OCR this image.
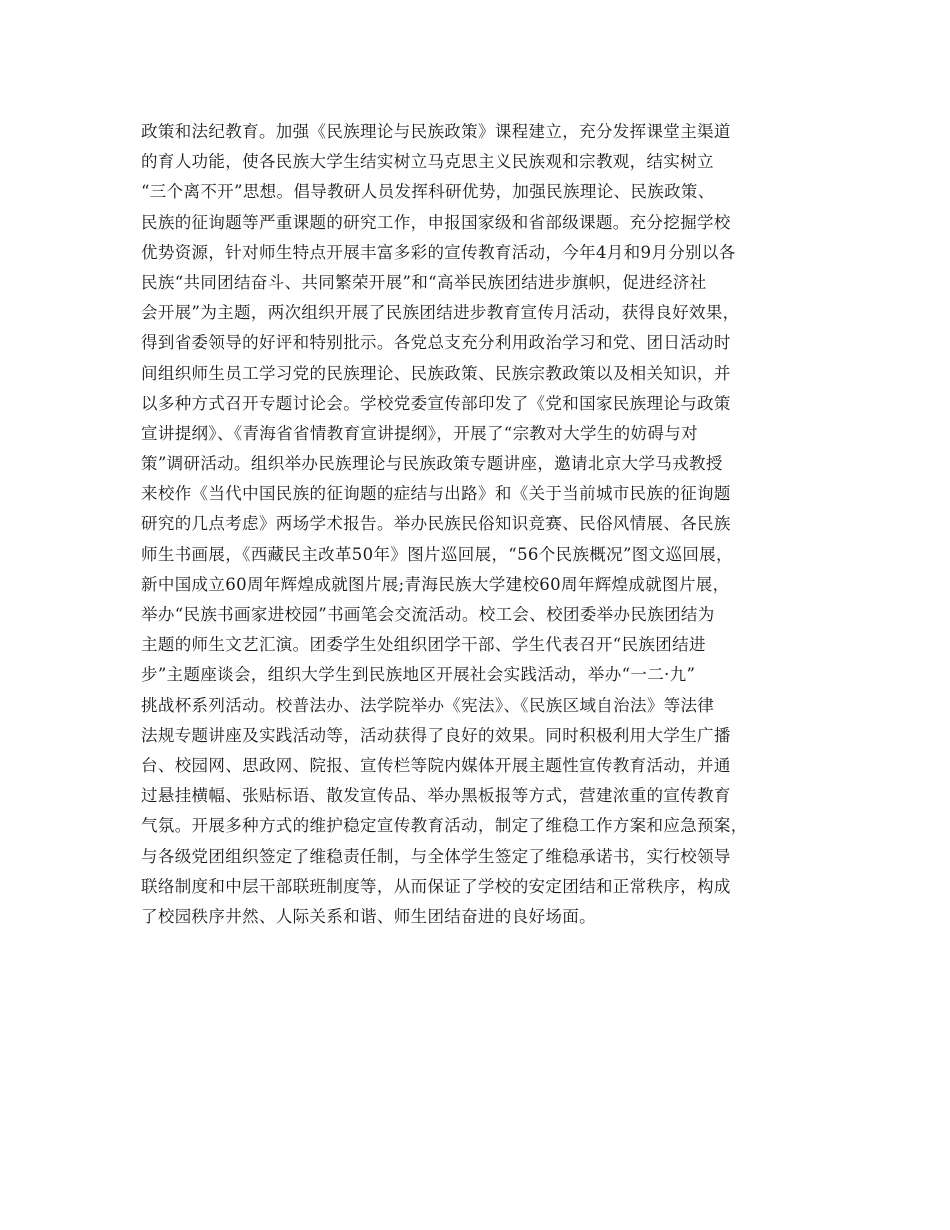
政策和法纪教育。加强《民族理论与民族政策》课程建立，充分发挥课堂主渠道
的育人功能，使各民族大学生结实树立马克思主义民族观和宗教观，结实树立
“三个离不开”思想。倡导教研人员发挥科研优势，加强民族理论、民族政策、
民族的征询题等严重课题的研究工作，申报国家级和省部级课题。充分挖掘学校
优势资源，针对师生特点开展丰富多彩的宣传教育活动，今年4月和9月分别以各
民族“共同团结奋斗、共同繁荣开展”和“高举民族团结进步旗帜，促进经济社
会开展”为主题，两次组织开展了民族团结进步教育宣传月活动，获得良好效果，
得到省委领导的好评和特别批示。各党总支充分利用政治学习和党、团日活动时
间组织师生员工学习党的民族理论、民族政策、民族宗教政策以及相关知识，并
以多种方式召开专题讨论会。学校党委宣传部印发了《党和国家民族理论与政策
宣讲提纲》、《青海省省情教育宣讲提纲》，开展了“宗教对大学生的妨碍与对
策”调研活动。组织举办民族理论与民族政策专题讲座，邀请北京大学马戎教授
来校作《当代中国民族的征询题的症结与出路》和《关于当前城市民族的征询题
研究的几点考虑》两场学术报告。举办民族民俗知识竞赛、民俗风情展、各民族
师生书画展，《西藏民主改革50年》图片巡回展，“56个民族概况”图文巡回展，
新中国成立60周年辉煌成就图片展;青海民族大学建校60周年辉煌成就图片展，
举办“民族书画家进校园”书画笔会交流活动。校工会、校团委举办民族团结为
主题的师生文艺汇演。团委学生处组织团学干部、学生代表召开“民族团结进
步”主题座谈会，组织大学生到民族地区开展社会实践活动，举办“一二·九”
挑战杯系列活动。校普法办、法学院举办《宪法》、《民族区域自治法》等法律
法规专题讲座及实践活动等，活动获得了良好的效果。同时积极利用大学生广播
台、校园网、思政网、院报、宣传栏等院内媒体开展主题性宣传教育活动，并通
过悬挂横幅、张贴标语、散发宣传品、举办黑板报等方式，营建浓重的宣传教育
气氛。开展多种方式的维护稳定宣传教育活动，制定了维稳工作方案和应急预案，
与各级党团组织签定了维稳责任制，与全体学生签定了维稳承诺书，实行校领导
联络制度和中层干部联班制度等，从而保证了学校的安定团结和正常秩序，构成
了校园秩序井然、人际关系和谐、师生团结奋进的良好场面。
